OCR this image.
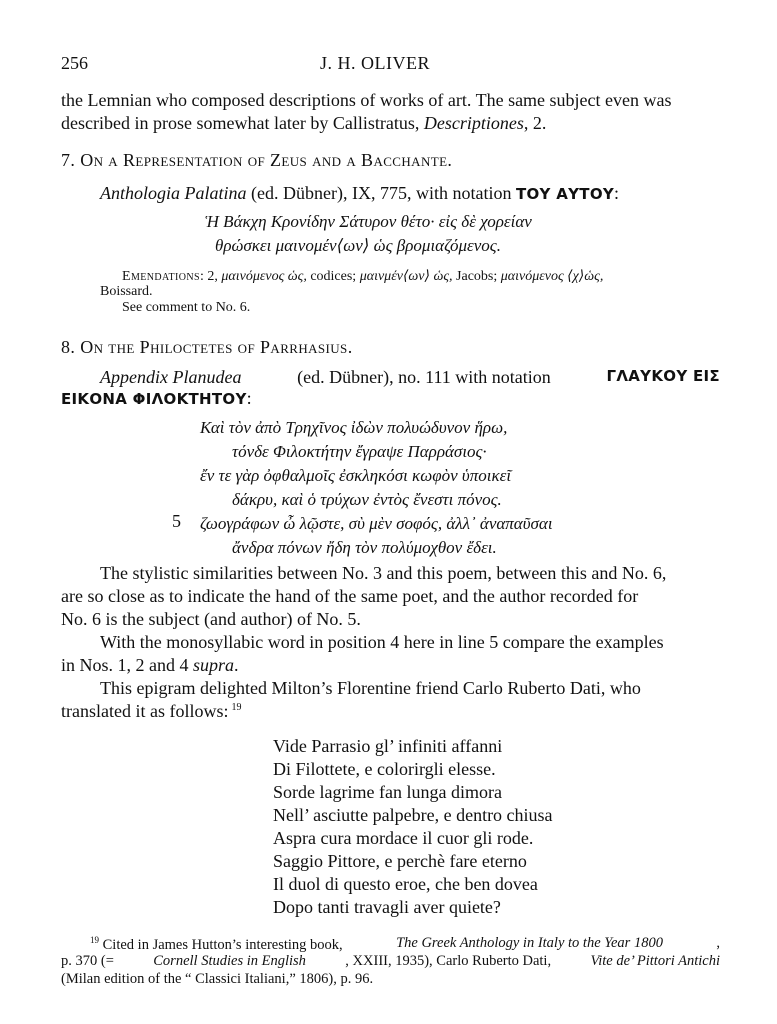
256	J. H. OLIVER
the Lemnian who composed descriptions of works of art. The same subject even was
described in prose somewhat later by Callistratus, Descriptiones, 2.
7. On a Representation of Zeus and a Bacchante.
Anthologia Palatina (ed. Dübner), IX, 775, with notation ΤΟΥ ΑΥΤΟΥ:
Ἡ Βάκχη Κρονίδην Σάτυρον θέτο· εἰς δὲ χορείαν
θρώσκει μαινομέν⟨ων⟩ ὡς βρομιαζόμενος.
Emendations: 2, μαινόμενος ὡς, codices; μαινμέν⟨ων⟩ ὡς, Jacobs; μαινόμενος ⟨χ⟩ὡς,
Boissard.
See comment to No. 6.
8. On the Philoctetes of Parrhasius.
Appendix Planudea	(ed. Dübner), no. 111 with notation	ΓΛΑΥΚΟΥ ΕΙΣ
ΕΙΚΟΝΑ ΦΙΛΟΚΤΗΤΟΥ:
Καὶ τὸν ἀπὸ Τρηχῖνος ἰδὼν πολυώδυνον ἥρω,
τόνδε Φιλοκτήτην ἔγραψε Παρράσιος·
ἔν τε γὰρ ὀφθαλμοῖς ἐσκληκόσι κωφὸν ὑποικεῖ
δάκρυ, καὶ ὁ τρύχων ἐντὸς ἔνεστι πόνος.
5 ζωογράφων ὦ λῷστε, σὺ μὲν σοφός, ἀλλ᾽ ἀναπαῦσαι
ἄνδρα πόνων ἤδη τὸν πολύμοχθον ἔδει.
The stylistic similarities between No. 3 and this poem, between this and No. 6,
are so close as to indicate the hand of the same poet, and the author recorded for
No. 6 is the subject (and author) of No. 5.
With the monosyllabic word in position 4 here in line 5 compare the examples
in Nos. 1, 2 and 4 supra.
This epigram delighted Milton’s Florentine friend Carlo Ruberto Dati, who
translated it as follows: $^{19}$
Vide Parrasio gl’ infiniti affanni
Di Filottete, e colorirgli elesse.
Sorde lagrime fan lunga dimora
Nell’ asciutte palpebre, e dentro chiusa
Aspra cura mordace il cuor gli rode.
Saggio Pittore, e perchè fare eterno
Il duol di questo eroe, che ben dovea
Dopo tanti travagli aver quiete?
$^{19}$ Cited in James Hutton’s interesting book,	The Greek Anthology in Italy to the Year 1800	,
p. 370 (=	Cornell Studies in English	, XXIII, 1935), Carlo Ruberto Dati,	Vite de’ Pittori Antichi
(Milan edition of the “ Classici Italiani,” 1806), p. 96.
